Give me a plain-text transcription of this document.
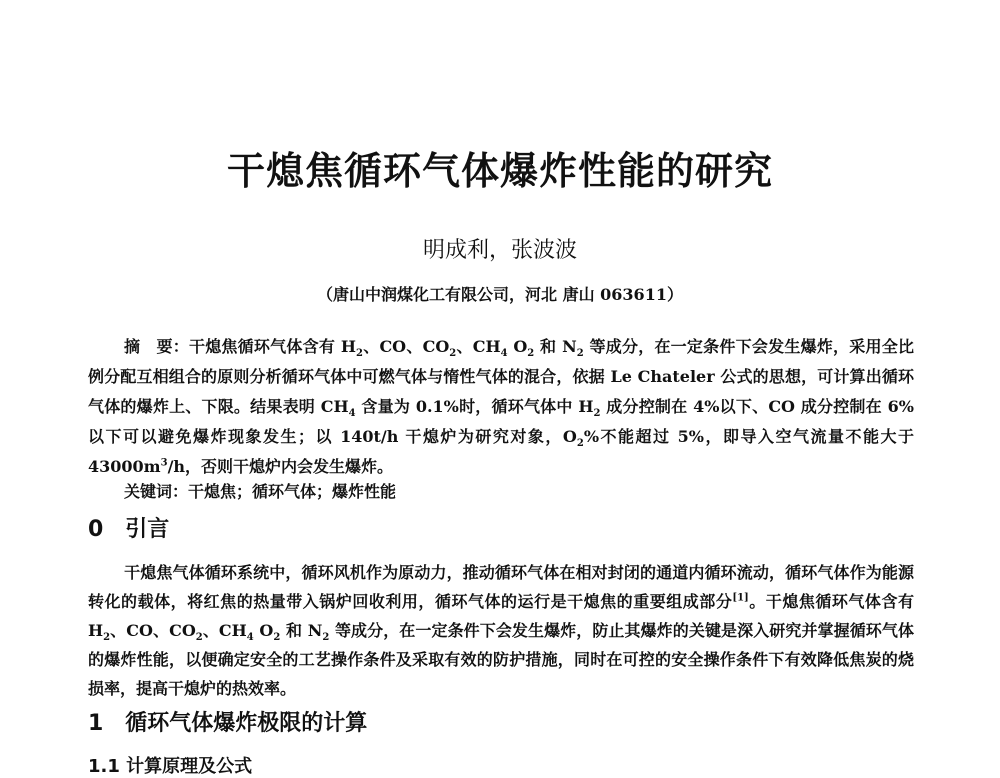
干熄焦循环气体爆炸性能的研究
明成利，张波波
（唐山中润煤化工有限公司，河北 唐山 063611）
摘　要：干熄焦循环气体含有 $H_2$、CO、$CO_2$、$CH_4$ $O_2$ 和 $N_2$ 等成分，在一定条件下会发生爆炸，采用全比例分配互相组合的原则分析循环气体中可燃气体与惰性气体的混合，依据 Le Chateler 公式的思想，可计算出循环气体的爆炸上、下限。结果表明 $CH_4$ 含量为 0.1%时，循环气体中 $H_2$ 成分控制在 4%以下、CO 成分控制在 6%以下可以避免爆炸现象发生；以 140t/h 干熄炉为研究对象，$O_2\%$不能超过 5%，即导入空气流量不能大于 $43000m^3/h$，否则干熄炉内会发生爆炸。
关键词：干熄焦；循环气体；爆炸性能
0　引言
干熄焦气体循环系统中，循环风机作为原动力，推动循环气体在相对封闭的通道内循环流动，循环气体作为能源转化的载体，将红焦的热量带入锅炉回收利用，循环气体的运行是干熄焦的重要组成部分[1]。干熄焦循环气体含有 $H_2$、CO、$CO_2$、$CH_4$ $O_2$ 和 $N_2$ 等成分，在一定条件下会发生爆炸，防止其爆炸的关键是深入研究并掌握循环气体的爆炸性能，以便确定安全的工艺操作条件及采取有效的防护措施，同时在可控的安全操作条件下有效降低焦炭的烧损率，提高干熄炉的热效率。
1　循环气体爆炸极限的计算
1.1 计算原理及公式
